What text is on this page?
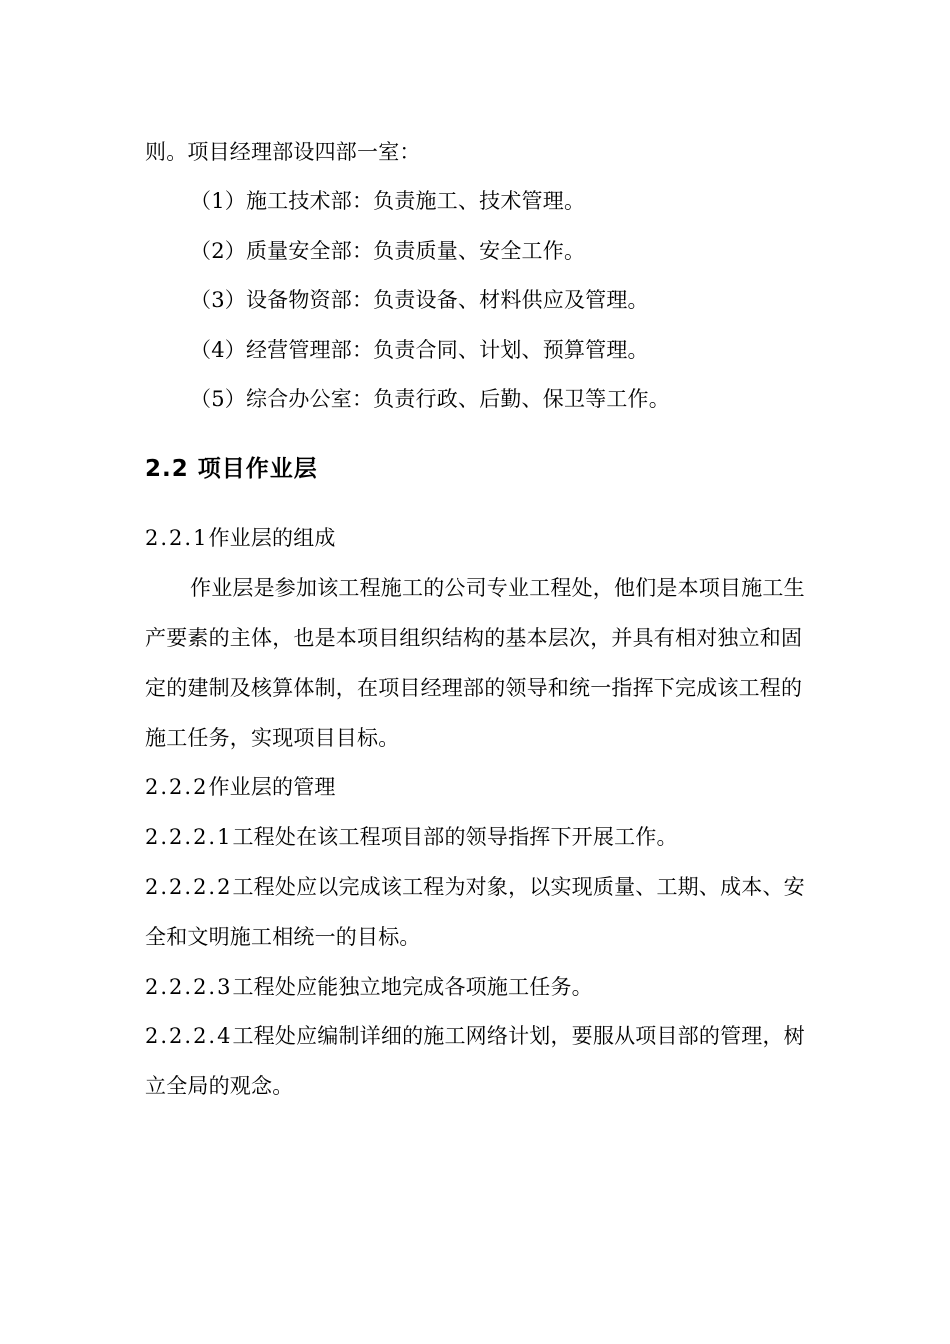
则。项目经理部设四部一室：
（1）施工技术部：负责施工、技术管理。
（2）质量安全部：负责质量、安全工作。
（3）设备物资部：负责设备、材料供应及管理。
（4）经营管理部：负责合同、计划、预算管理。
（5）综合办公室：负责行政、后勤、保卫等工作。
2.2 项目作业层
2.2.1作业层的组成
作业层是参加该工程施工的公司专业工程处，他们是本项目施工生
产要素的主体，也是本项目组织结构的基本层次，并具有相对独立和固
定的建制及核算体制，在项目经理部的领导和统一指挥下完成该工程的
施工任务，实现项目目标。
2.2.2作业层的管理
2.2.2.1工程处在该工程项目部的领导指挥下开展工作。
2.2.2.2工程处应以完成该工程为对象，以实现质量、工期、成本、安
全和文明施工相统一的目标。
2.2.2.3工程处应能独立地完成各项施工任务。
2.2.2.4工程处应编制详细的施工网络计划，要服从项目部的管理，树
立全局的观念。
